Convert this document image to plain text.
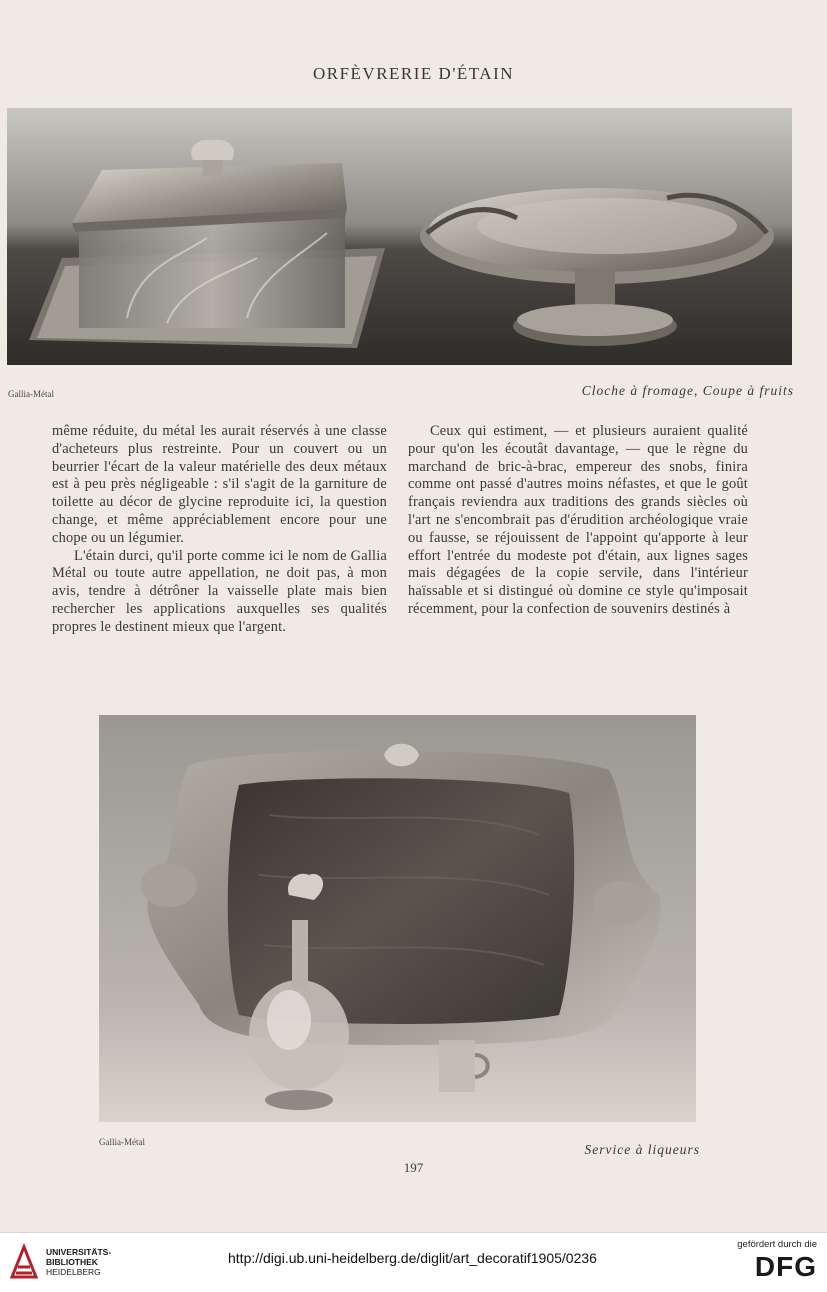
ORFÈVRERIE D'ÉTAIN
Gallia-Métal	Cloche à fromage, Coupe à fruits

même réduite, du métal les aurait réservés à une classe d'acheteurs plus restreinte. Pour un couvert ou un beurrier l'écart de la valeur matérielle des deux métaux est à peu près négligeable : s'il s'agit de la garniture de toilette au décor de glycine reproduite ici, la question change, et même appréciablement encore pour une chope ou un légumier.

L'étain durci, qu'il porte comme ici le nom de Gallia Métal ou toute autre appellation, ne doit pas, à mon avis, tendre à détrôner la vaisselle plate mais bien rechercher les applications auxquelles ses qualités propres le destinent mieux que l'argent.

Ceux qui estiment, — et plusieurs auraient qualité pour qu'on les écoutât davantage, — que le règne du marchand de bric-à-brac, empereur des snobs, finira comme ont passé d'autres moins néfastes, et que le goût français reviendra aux traditions des grands siècles où l'art ne s'encombrait pas d'érudition archéologique vraie ou fausse, se réjouissent de l'appoint qu'apporte à leur effort l'entrée du modeste pot d'étain, aux lignes sages mais dégagées de la copie servile, dans l'intérieur haïssable et si distingué où domine ce style qu'imposait récemment, pour la confection de souvenirs destinés à

Gallia-Métal	Service à liqueurs
197
UNIVERSITÄTS-
BIBLIOTHEK
HEIDELBERG
http://digi.ub.uni-heidelberg.de/diglit/art_decoratif1905/0236
gefördert durch die
DFG
